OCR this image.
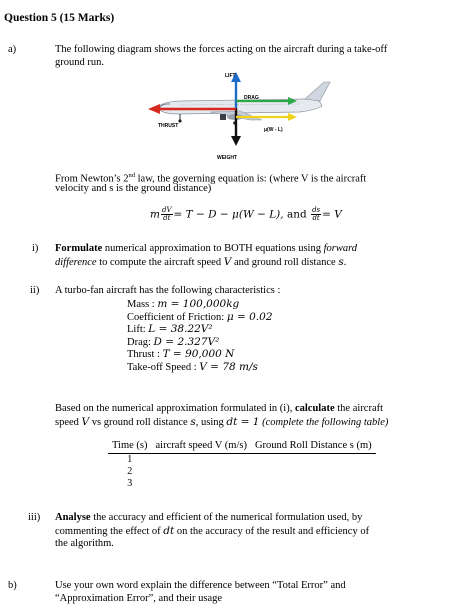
Question 5 (15 Marks)
a)	The following diagram shows the forces acting on the aircraft during a take-off
ground run.
LIFT
DRAG
THRUST
μ(W - L)
WEIGHT
From Newton’s 2nd law, the governing equation is: (where V is the aircraft
velocity and s is the ground distance)
m $\frac{dV}{dt} = T - D - \mu(W - L)$, and $\frac{ds}{dt} = V$
i) Formulate numerical approximation to BOTH equations using forward
difference to compute the aircraft speed V and ground roll distance s.
ii) A turbo-fan aircraft has the following characteristics :
Mass : m = 100,000kg
Coefficient of Friction: μ = 0.02
Lift: L = 38.22V²
Drag: D = 2.327V²
Thrust : T = 90,000 N
Take-off Speed : V = 78 m/s
Based on the numerical approximation formulated in (i), calculate the aircraft
speed V vs ground roll distance s, using dt = 1 (complete the following table)
Time (s)	aircraft speed V (m/s)	Ground Roll Distance s (m)
1		
2		
3		
iii) Analyse the accuracy and efficient of the numerical formulation used, by
commenting the effect of dt on the accuracy of the result and efficiency of
the algorithm.
b)	Use your own word explain the difference between “Total Error” and
“Approximation Error”, and their usage
